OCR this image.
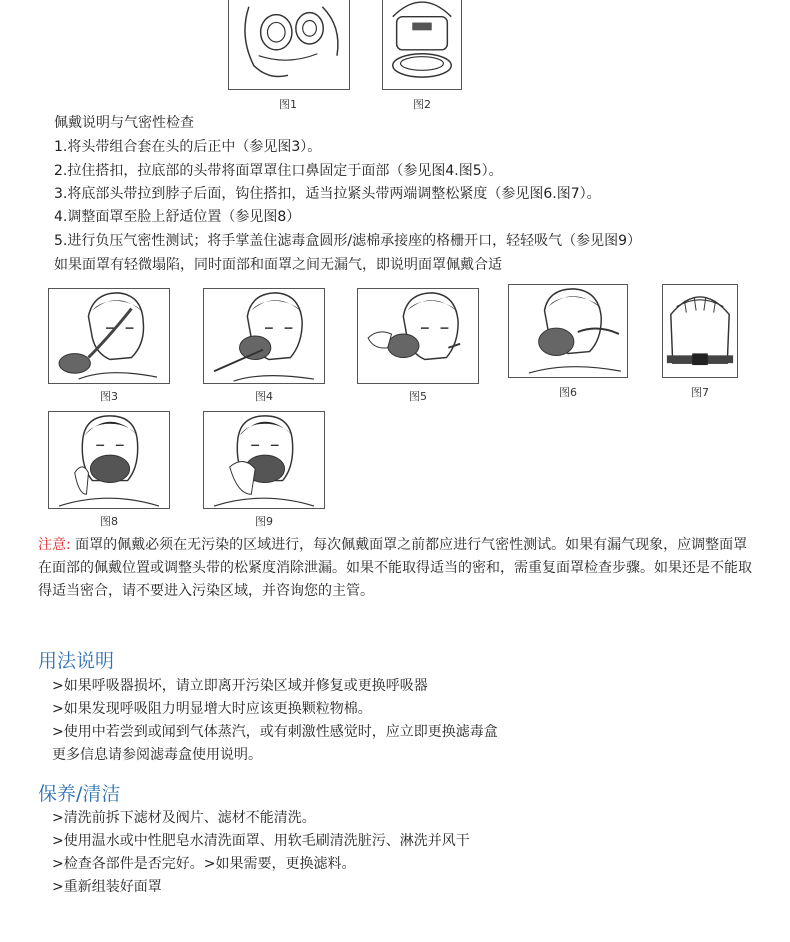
图1	图2
佩戴说明与气密性检查
1.将头带组合套在头的后正中（参见图3）。
2.拉住搭扣，拉底部的头带将面罩罩住口鼻固定于面部（参见图4.图5）。
3.将底部头带拉到脖子后面，钩住搭扣，适当拉紧头带两端调整松紧度（参见图6.图7）。
4.调整面罩至脸上舒适位置（参见图8）
5.进行负压气密性测试；将手掌盖住滤毒盒圆形/滤棉承接座的格栅开口，轻轻吸气（参见图9）
如果面罩有轻微塌陷，同时面部和面罩之间无漏气，即说明面罩佩戴合适
图3	图4	图5	图6	图7
图8	图9
注意: 面罩的佩戴必须在无污染的区域进行，每次佩戴面罩之前都应进行气密性测试。如果有漏气现象，应调整面罩在面部的佩戴位置或调整头带的松紧度消除泄漏。如果不能取得适当的密和，需重复面罩检查步骤。如果还是不能取得适当密合，请不要进入污染区域，并咨询您的主管。
用法说明
>如果呼吸器损坏，请立即离开污染区域并修复或更换呼吸器
>如果发现呼吸阻力明显增大时应该更换颗粒物棉。
>使用中若尝到或闻到气体蒸汽，或有刺激性感觉时，应立即更换滤毒盒
更多信息请参阅滤毒盒使用说明。
保养/清洁
>清洗前拆下滤材及阀片、滤材不能清洗。
>使用温水或中性肥皂水清洗面罩、用软毛刷清洗脏污、淋洗并风干
>检查各部件是否完好。>如果需要，更换滤料。
>重新组装好面罩
